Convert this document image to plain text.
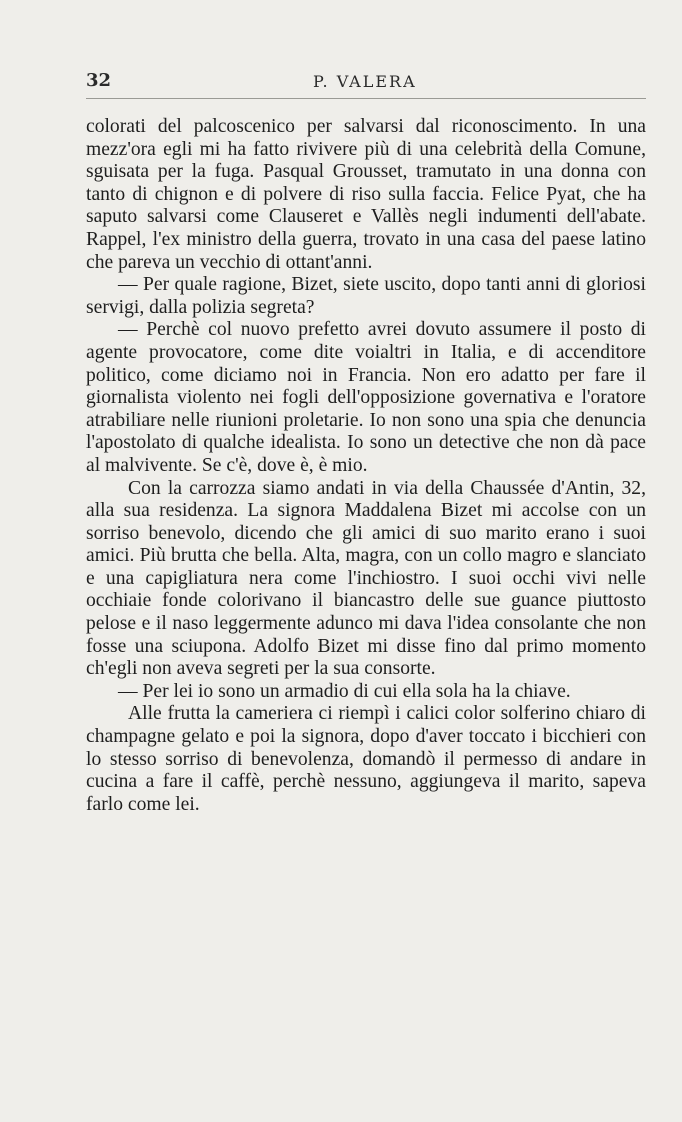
32	P. VALERA

colorati del palcoscenico per salvarsi dal riconoscimento. In una mezz'ora egli mi ha fatto rivivere più di una celebrità della Comune, sguisata per la fuga. Pasqual Grousset, tramutato in una donna con tanto di chignon e di polvere di riso sulla faccia. Felice Pyat, che ha saputo salvarsi come Clauseret e Vallès negli indumenti dell'abate. Rappel, l'ex ministro della guerra, trovato in una casa del paese latino che pareva un vecchio di ottant'anni.

— Per quale ragione, Bizet, siete uscito, dopo tanti anni di gloriosi servigi, dalla polizia segreta?

— Perchè col nuovo prefetto avrei dovuto assumere il posto di agente provocatore, come dite voialtri in Italia, e di accenditore politico, come diciamo noi in Francia. Non ero adatto per fare il giornalista violento nei fogli dell'opposizione governativa e l'oratore atrabiliare nelle riunioni proletarie. Io non sono una spia che denuncia l'apostolato di qualche idealista. Io sono un detective che non dà pace al malvivente. Se c'è, dove è, è mio.

Con la carrozza siamo andati in via della Chaussée d'Antin, 32, alla sua residenza. La signora Maddalena Bizet mi accolse con un sorriso benevolo, dicendo che gli amici di suo marito erano i suoi amici. Più brutta che bella. Alta, magra, con un collo magro e slanciato e una capigliatura nera come l'inchiostro. I suoi occhi vivi nelle occhiaie fonde colorivano il biancastro delle sue guance piuttosto pelose e il naso leggermente adunco mi dava l'idea consolante che non fosse una sciupona. Adolfo Bizet mi disse fino dal primo momento ch'egli non aveva segreti per la sua consorte.

— Per lei io sono un armadio di cui ella sola ha la chiave.

Alle frutta la cameriera ci riempì i calici color solferino chiaro di champagne gelato e poi la signora, dopo d'aver toccato i bicchieri con lo stesso sorriso di benevolenza, domandò il permesso di andare in cucina a fare il caffè, perchè nessuno, aggiungeva il marito, sapeva farlo come lei.
